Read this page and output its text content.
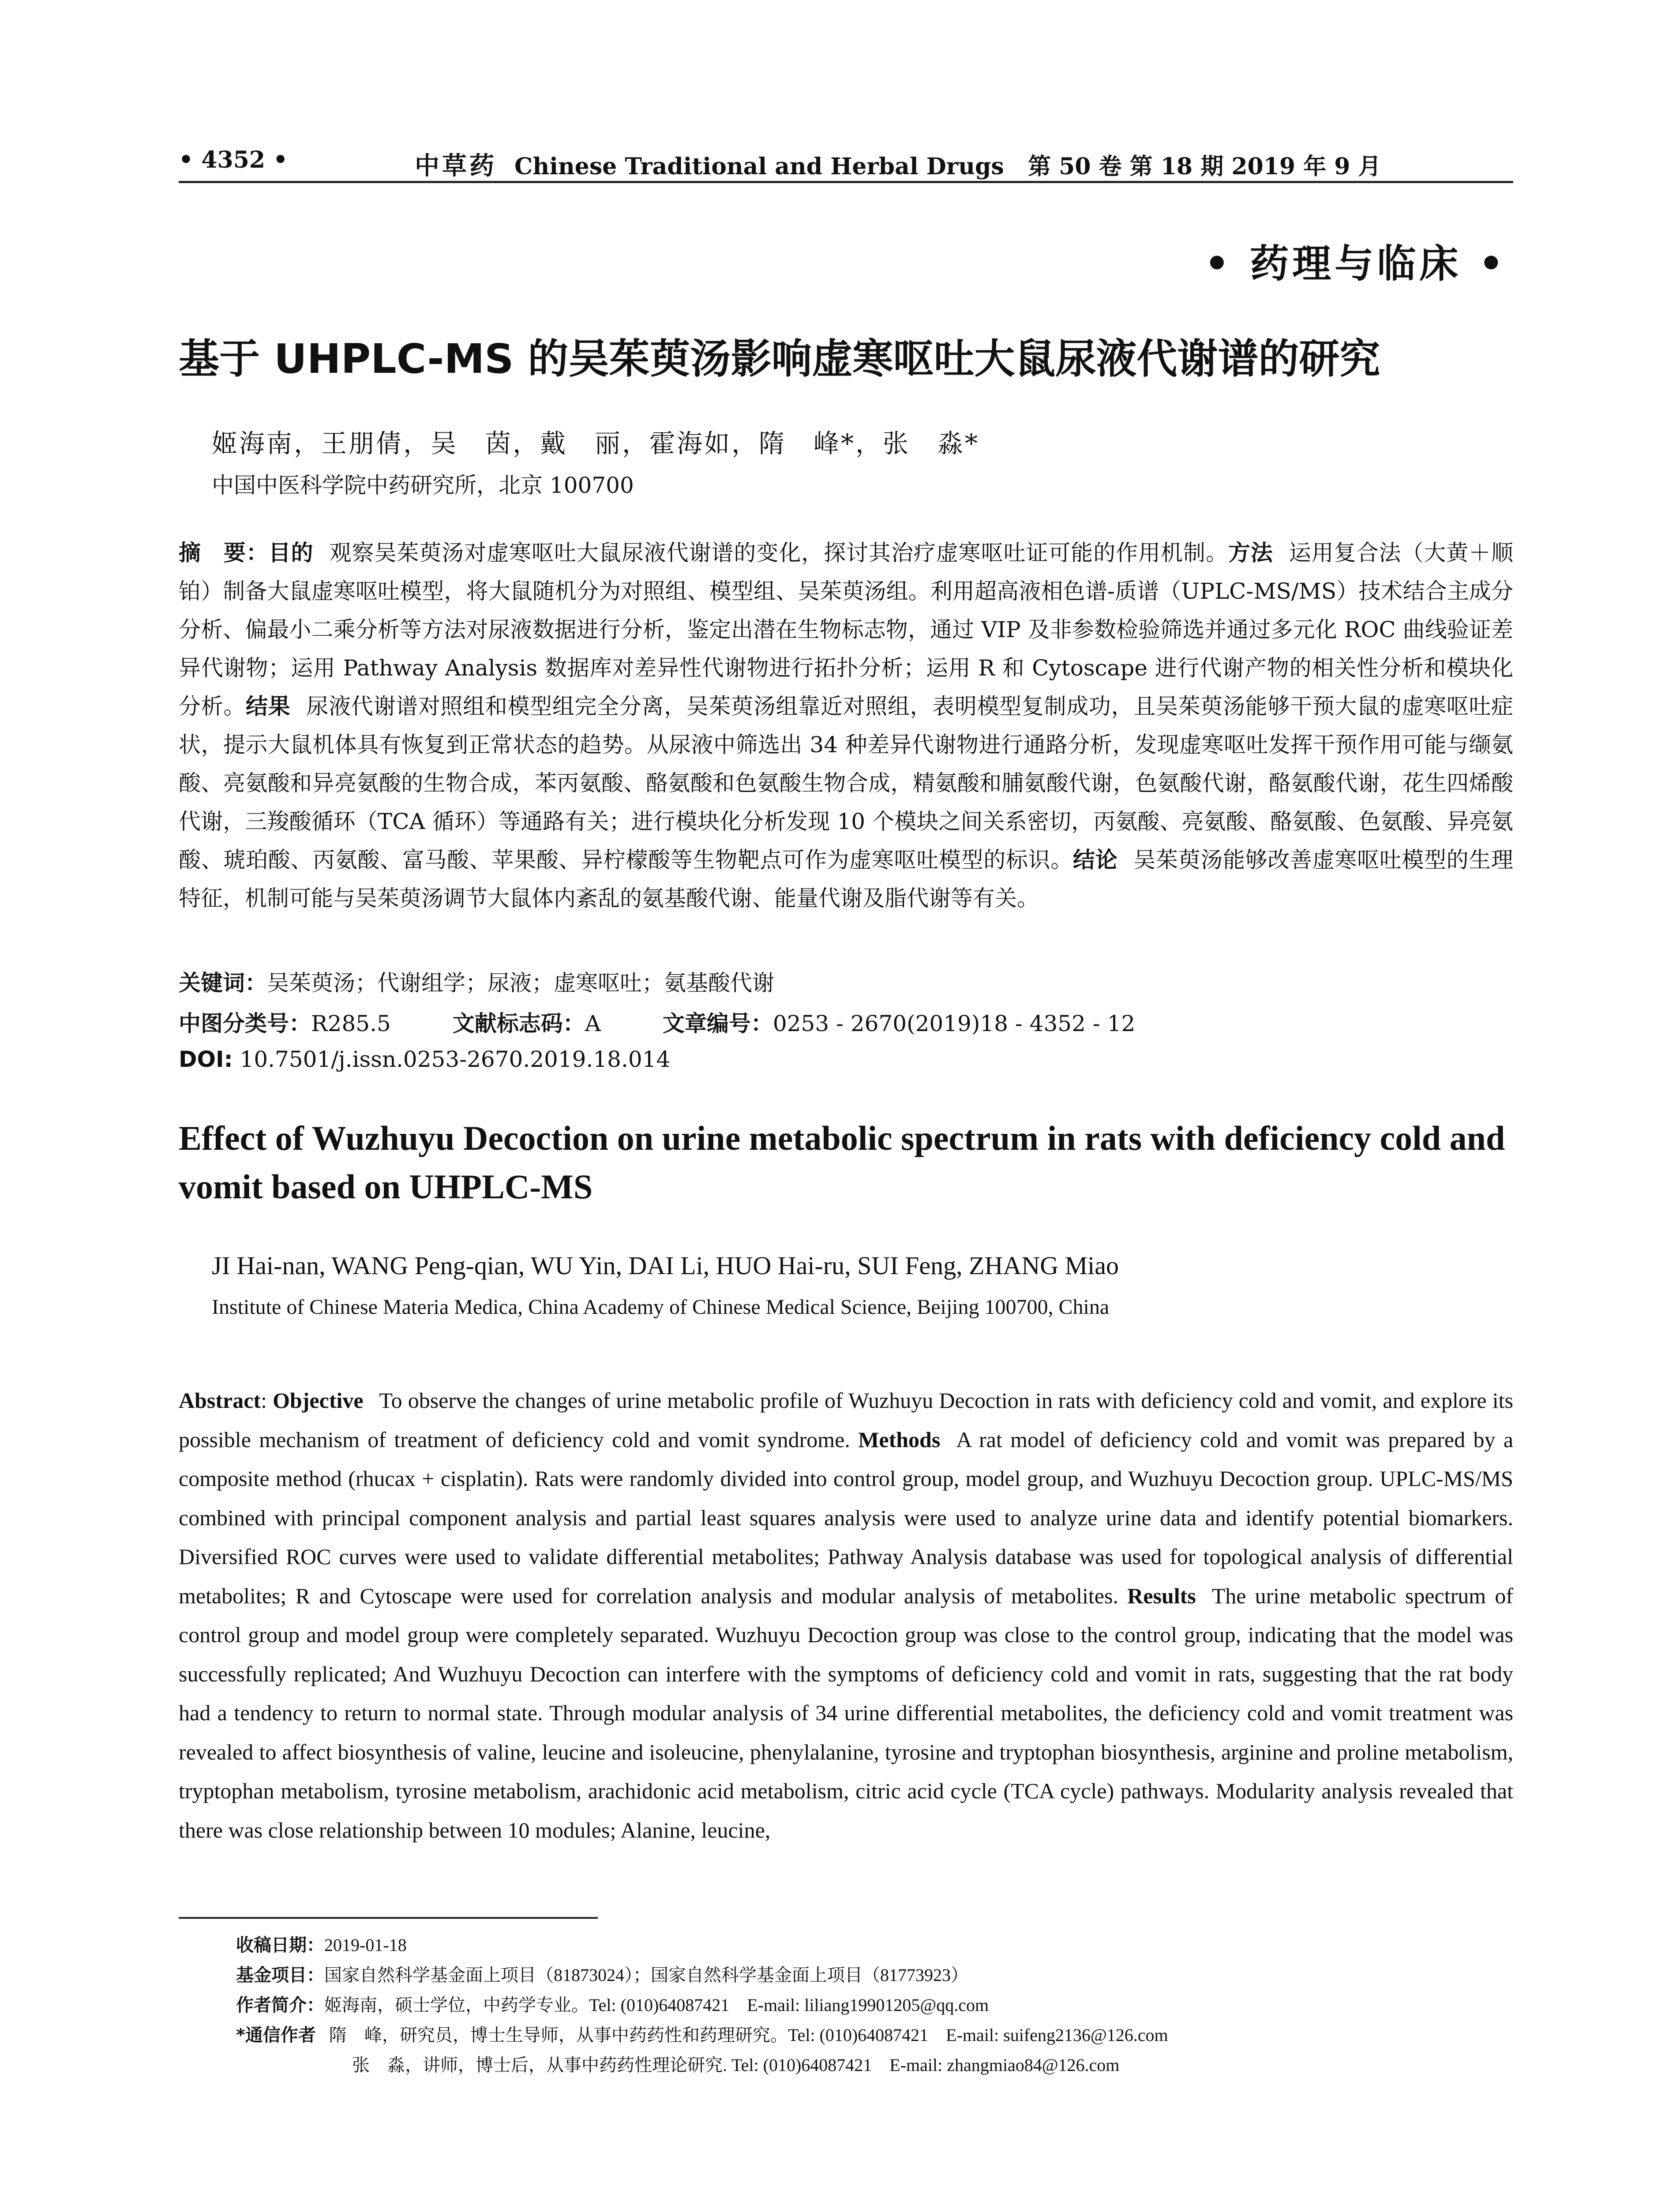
• 4352 •	中草药 Chinese Traditional and Herbal Drugs 第 50 卷 第 18 期 2019 年 9 月
• 药理与临床 •
基于 UHPLC-MS 的吴茱萸汤影响虚寒呕吐大鼠尿液代谢谱的研究
姬海南，王朋倩，吴　茵，戴　丽，霍海如，隋　峰*，张　淼*
中国中医科学院中药研究所，北京 100700
摘　要：目的 观察吴茱萸汤对虚寒呕吐大鼠尿液代谢谱的变化，探讨其治疗虚寒呕吐证可能的作用机制。方法 运用复合法（大黄＋顺铂）制备大鼠虚寒呕吐模型，将大鼠随机分为对照组、模型组、吴茱萸汤组。利用超高液相色谱-质谱（UPLC-MS/MS）技术结合主成分分析、偏最小二乘分析等方法对尿液数据进行分析，鉴定出潜在生物标志物，通过 VIP 及非参数检验筛选并通过多元化 ROC 曲线验证差异代谢物；运用 Pathway Analysis 数据库对差异性代谢物进行拓扑分析；运用 R 和 Cytoscape 进行代谢产物的相关性分析和模块化分析。结果 尿液代谢谱对照组和模型组完全分离，吴茱萸汤组靠近对照组，表明模型复制成功，且吴茱萸汤能够干预大鼠的虚寒呕吐症状，提示大鼠机体具有恢复到正常状态的趋势。从尿液中筛选出 34 种差异代谢物进行通路分析，发现虚寒呕吐发挥干预作用可能与缬氨酸、亮氨酸和异亮氨酸的生物合成，苯丙氨酸、酪氨酸和色氨酸生物合成，精氨酸和脯氨酸代谢，色氨酸代谢，酪氨酸代谢，花生四烯酸代谢，三羧酸循环（TCA 循环）等通路有关；进行模块化分析发现 10 个模块之间关系密切，丙氨酸、亮氨酸、酪氨酸、色氨酸、异亮氨酸、琥珀酸、丙氨酸、富马酸、苹果酸、异柠檬酸等生物靶点可作为虚寒呕吐模型的标识。结论 吴茱萸汤能够改善虚寒呕吐模型的生理特征，机制可能与吴茱萸汤调节大鼠体内紊乱的氨基酸代谢、能量代谢及脂代谢等有关。
关键词：吴茱萸汤；代谢组学；尿液；虚寒呕吐；氨基酸代谢
中图分类号：R285.5	文献标志码：A	文章编号：0253 - 2670(2019)18 - 4352 - 12
DOI: 10.7501/j.issn.0253-2670.2019.18.014
Effect of Wuzhuyu Decoction on urine metabolic spectrum in rats with deficiency cold and vomit based on UHPLC-MS
JI Hai-nan, WANG Peng-qian, WU Yin, DAI Li, HUO Hai-ru, SUI Feng, ZHANG Miao
Institute of Chinese Materia Medica, China Academy of Chinese Medical Science, Beijing 100700, China
Abstract: Objective To observe the changes of urine metabolic profile of Wuzhuyu Decoction in rats with deficiency cold and vomit, and explore its possible mechanism of treatment of deficiency cold and vomit syndrome. Methods A rat model of deficiency cold and vomit was prepared by a composite method (rhucax + cisplatin). Rats were randomly divided into control group, model group, and Wuzhuyu Decoction group. UPLC-MS/MS combined with principal component analysis and partial least squares analysis were used to analyze urine data and identify potential biomarkers. Diversified ROC curves were used to validate differential metabolites; Pathway Analysis database was used for topological analysis of differential metabolites; R and Cytoscape were used for correlation analysis and modular analysis of metabolites. Results The urine metabolic spectrum of control group and model group were completely separated. Wuzhuyu Decoction group was close to the control group, indicating that the model was successfully replicated; And Wuzhuyu Decoction can interfere with the symptoms of deficiency cold and vomit in rats, suggesting that the rat body had a tendency to return to normal state. Through modular analysis of 34 urine differential metabolites, the deficiency cold and vomit treatment was revealed to affect biosynthesis of valine, leucine and isoleucine, phenylalanine, tyrosine and tryptophan biosynthesis, arginine and proline metabolism, tryptophan metabolism, tyrosine metabolism, arachidonic acid metabolism, citric acid cycle (TCA cycle) pathways. Modularity analysis revealed that there was close relationship between 10 modules; Alanine, leucine,
收稿日期：2019-01-18
基金项目：国家自然科学基金面上项目（81873024）；国家自然科学基金面上项目（81773923）
作者简介：姬海南，硕士学位，中药学专业。Tel: (010)64087421　E-mail: liliang19901205@qq.com
*通信作者 隋　峰，研究员，博士生导师，从事中药药性和药理研究。Tel: (010)64087421　E-mail: suifeng2136@126.com
张　淼，讲师，博士后，从事中药药性理论研究. Tel: (010)64087421　E-mail: zhangmiao84@126.com
